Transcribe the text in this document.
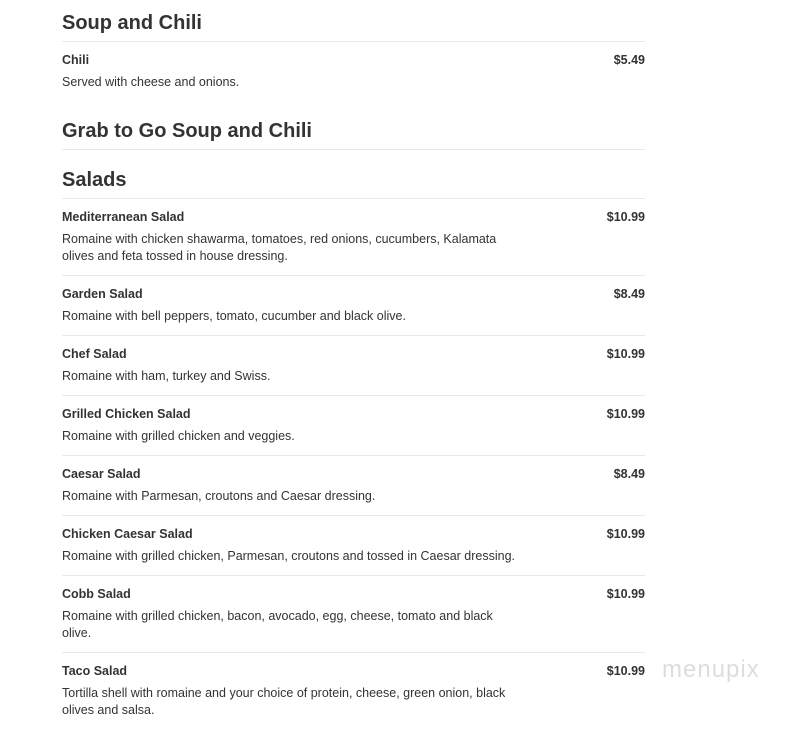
Soup and Chili
Chili	$5.49
Served with cheese and onions.
Grab to Go Soup and Chili
Salads
Mediterranean Salad	$10.99
Romaine with chicken shawarma, tomatoes, red onions, cucumbers, Kalamata olives and feta tossed in house dressing.
Garden Salad	$8.49
Romaine with bell peppers, tomato, cucumber and black olive.
Chef Salad	$10.99
Romaine with ham, turkey and Swiss.
Grilled Chicken Salad	$10.99
Romaine with grilled chicken and veggies.
Caesar Salad	$8.49
Romaine with Parmesan, croutons and Caesar dressing.
Chicken Caesar Salad	$10.99
Romaine with grilled chicken, Parmesan, croutons and tossed in Caesar dressing.
Cobb Salad	$10.99
Romaine with grilled chicken, bacon, avocado, egg, cheese, tomato and black olive.
Taco Salad	$10.99
Tortilla shell with romaine and your choice of protein, cheese, green onion, black olives and salsa.
menupix
